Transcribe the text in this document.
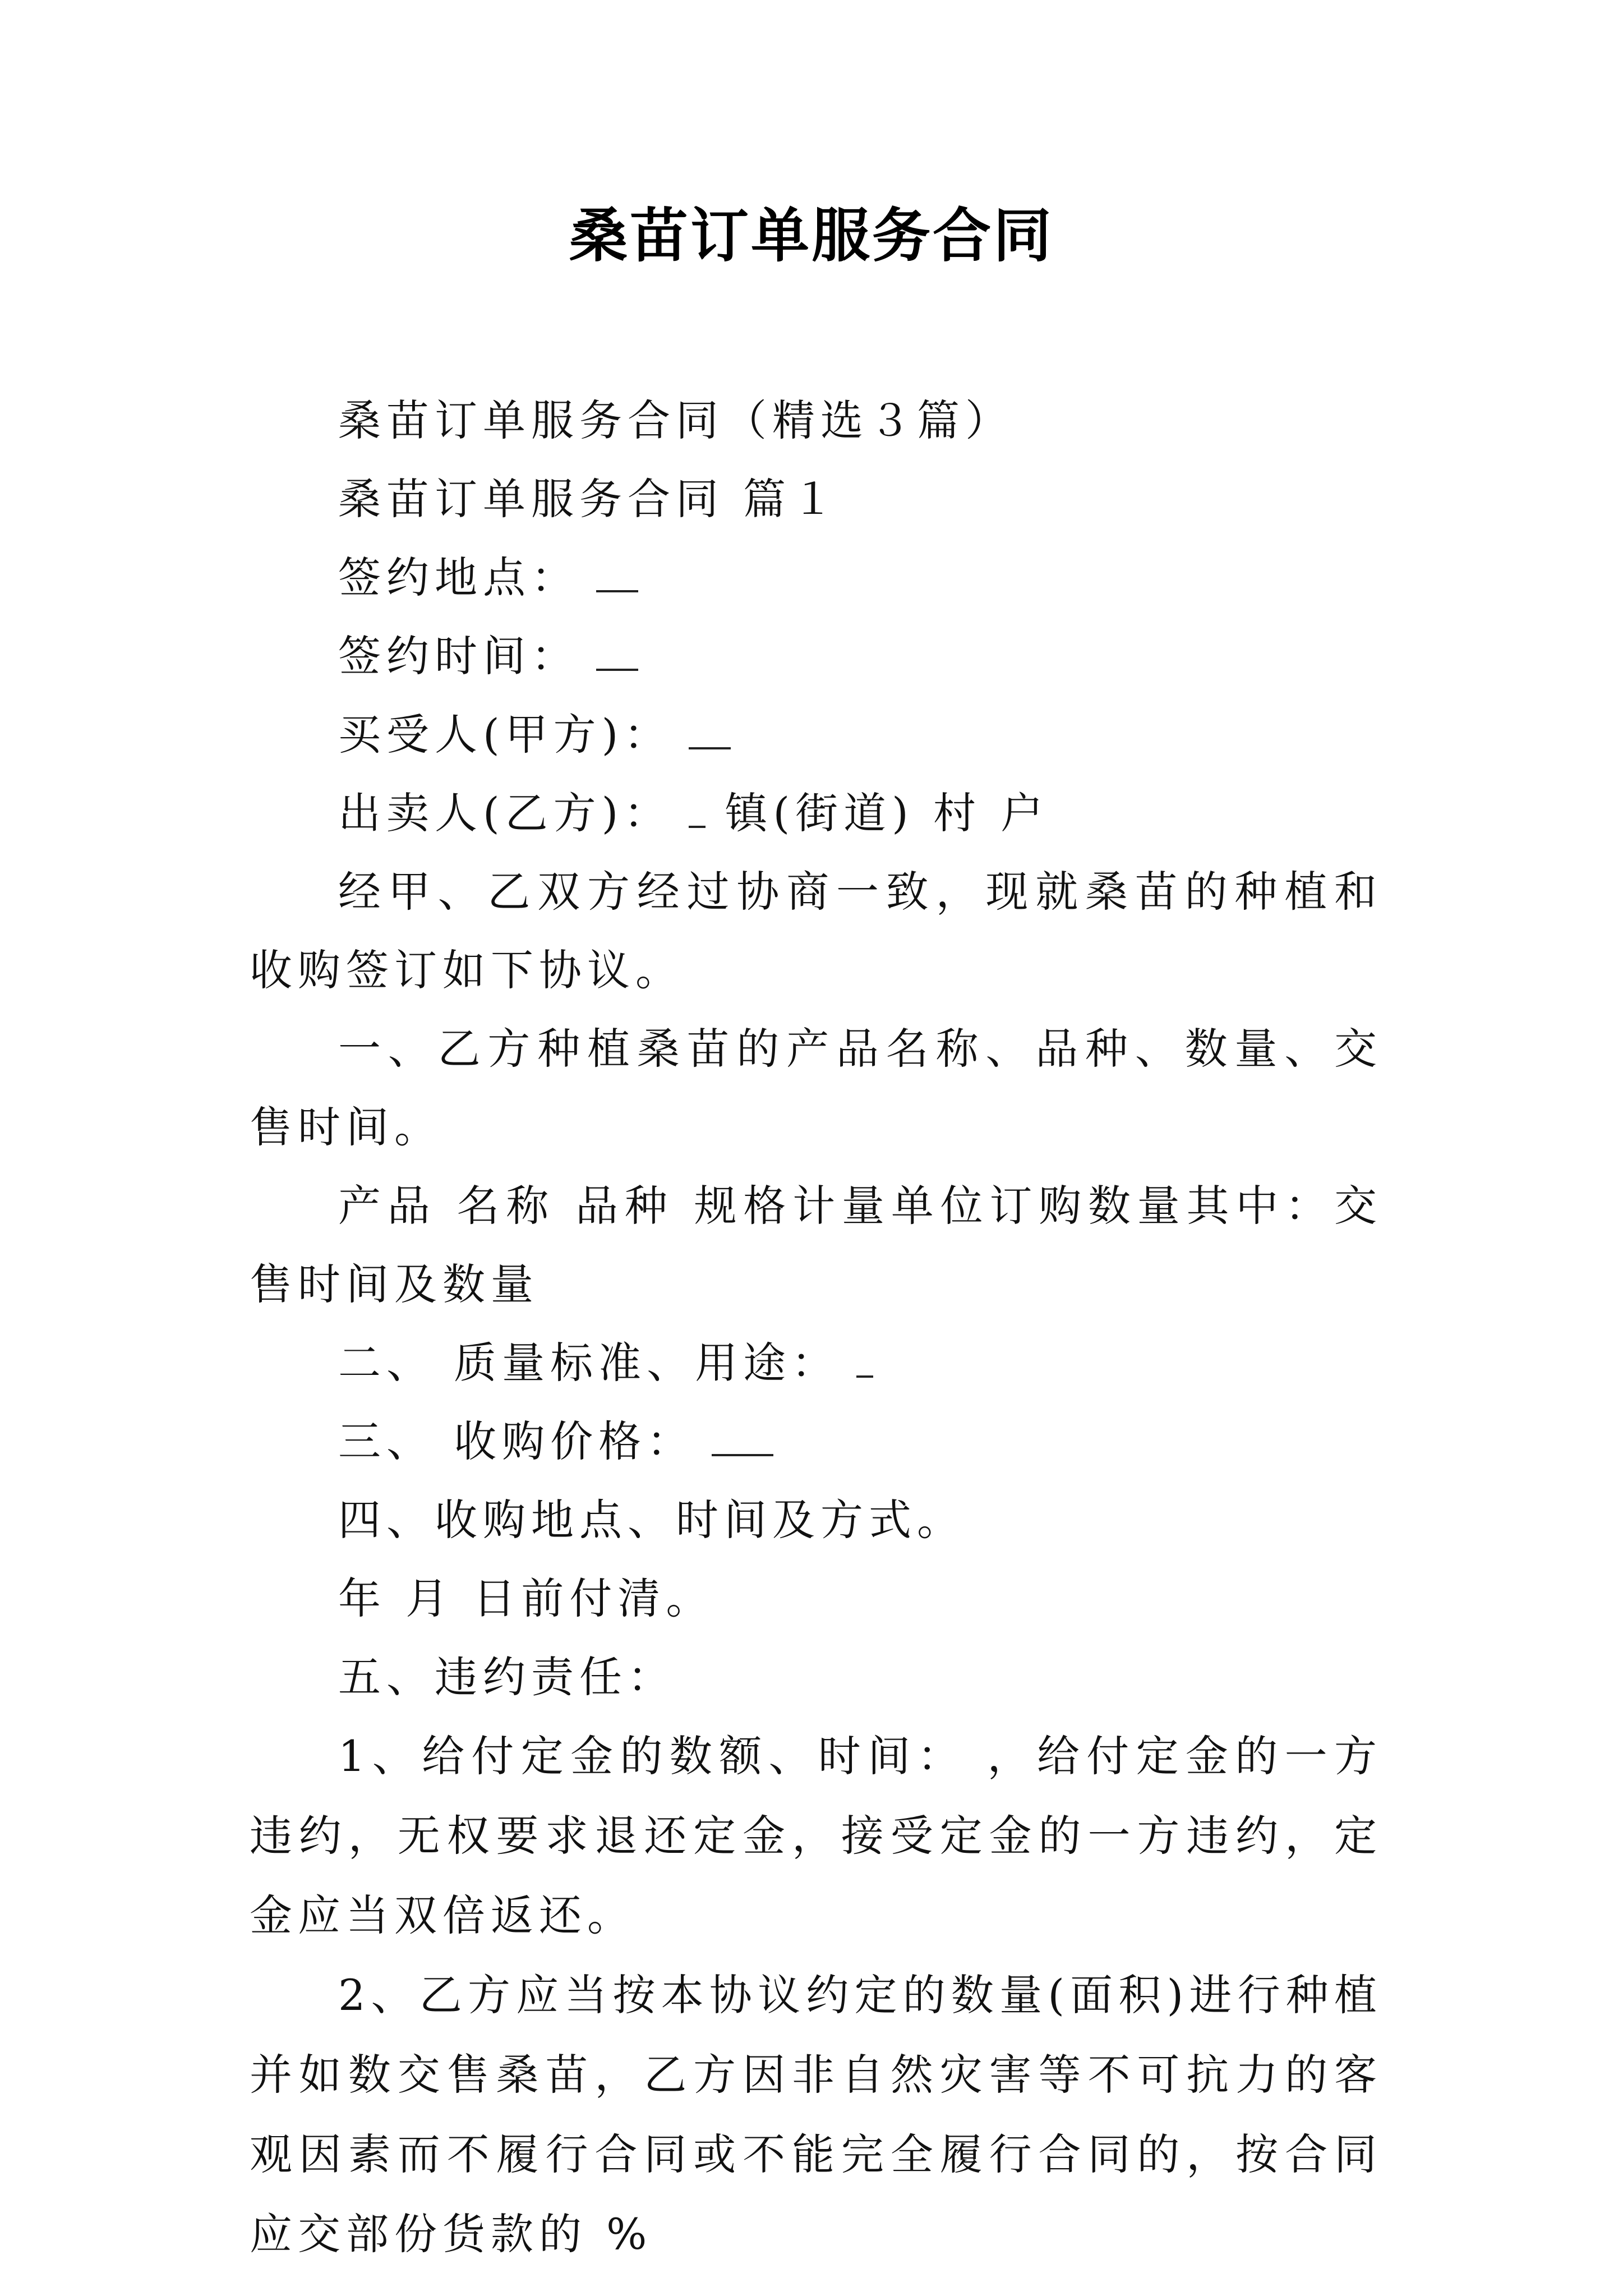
桑苗订单服务合同

桑苗订单服务合同（精选３篇）

桑苗订单服务合同 篇１

签约地点：

签约时间：

买受人(甲方)：

出卖人(乙方)： 镇(街道) 村 户

经甲、乙双方经过协商一致，现就桑苗的种植和收购签订如下协议。

一、乙方种植桑苗的产品名称、品种、数量、交售时间。

产品 名称 品种 规格计量单位订购数量其中：交售时间及数量

二、 质量标准、用途：

三、 收购价格：

四、收购地点、时间及方式。

年 月 日前付清。

五、违约责任：

1、给付定金的数额、时间： ，给付定金的一方违约，无权要求退还定金，接受定金的一方违约，定金应当双倍返还。

2、乙方应当按本协议约定的数量(面积)进行种植并如数交售桑苗，乙方因非自然灾害等不可抗力的客观因素而不履行合同或不能完全履行合同的，按合同应交部份货款的 %
